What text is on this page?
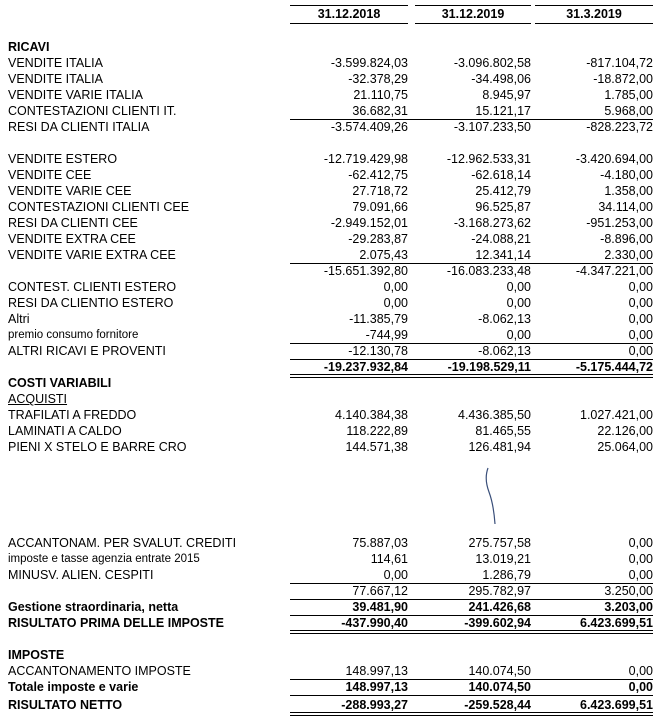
31.12.2018	31.12.2019	31.3.2019
RICAVI
VENDITE ITALIA	-3.599.824,03	-3.096.802,58	-817.104,72
VENDITE ITALIA	-32.378,29	-34.498,06	-18.872,00
VENDITE VARIE ITALIA	21.110,75	8.945,97	1.785,00
CONTESTAZIONI CLIENTI IT.	36.682,31	15.121,17	5.968,00
RESI DA CLIENTI ITALIA	-3.574.409,26	-3.107.233,50	-828.223,72
VENDITE ESTERO	-12.719.429,98	-12.962.533,31	-3.420.694,00
VENDITE CEE	-62.412,75	-62.618,14	-4.180,00
VENDITE VARIE CEE	27.718,72	25.412,79	1.358,00
CONTESTAZIONI CLIENTI CEE	79.091,66	96.525,87	34.114,00
RESI DA CLIENTI CEE	-2.949.152,01	-3.168.273,62	-951.253,00
VENDITE EXTRA CEE	-29.283,87	-24.088,21	-8.896,00
VENDITE VARIE EXTRA CEE	2.075,43	12.341,14	2.330,00
-15.651.392,80	-16.083.233,48	-4.347.221,00
CONTEST. CLIENTI ESTERO	0,00	0,00	0,00
RESI DA CLIENTIO ESTERO	0,00	0,00	0,00
Altri	-11.385,79	-8.062,13	0,00
premio consumo fornitore	-744,99	0,00	0,00
ALTRI RICAVI E PROVENTI	-12.130,78	-8.062,13	0,00
-19.237.932,84	-19.198.529,11	-5.175.444,72
COSTI VARIABILI
ACQUISTI
TRAFILATI A FREDDO	4.140.384,38	4.436.385,50	1.027.421,00
LAMINATI A CALDO	118.222,89	81.465,55	22.126,00
PIENI X STELO E BARRE CRO	144.571,38	126.481,94	25.064,00
ACCANTONAM. PER SVALUT. CREDITI	75.887,03	275.757,58	0,00
imposte e tasse agenzia entrate 2015	114,61	13.019,21	0,00
MINUSV. ALIEN. CESPITI	0,00	1.286,79	0,00
77.667,12	295.782,97	3.250,00
Gestione straordinaria, netta	39.481,90	241.426,68	3.203,00
RISULTATO PRIMA DELLE IMPOSTE	-437.990,40	-399.602,94	6.423.699,51
IMPOSTE
ACCANTONAMENTO IMPOSTE	148.997,13	140.074,50	0,00
Totale imposte e varie	148.997,13	140.074,50	0,00
RISULTATO NETTO	-288.993,27	-259.528,44	6.423.699,51
